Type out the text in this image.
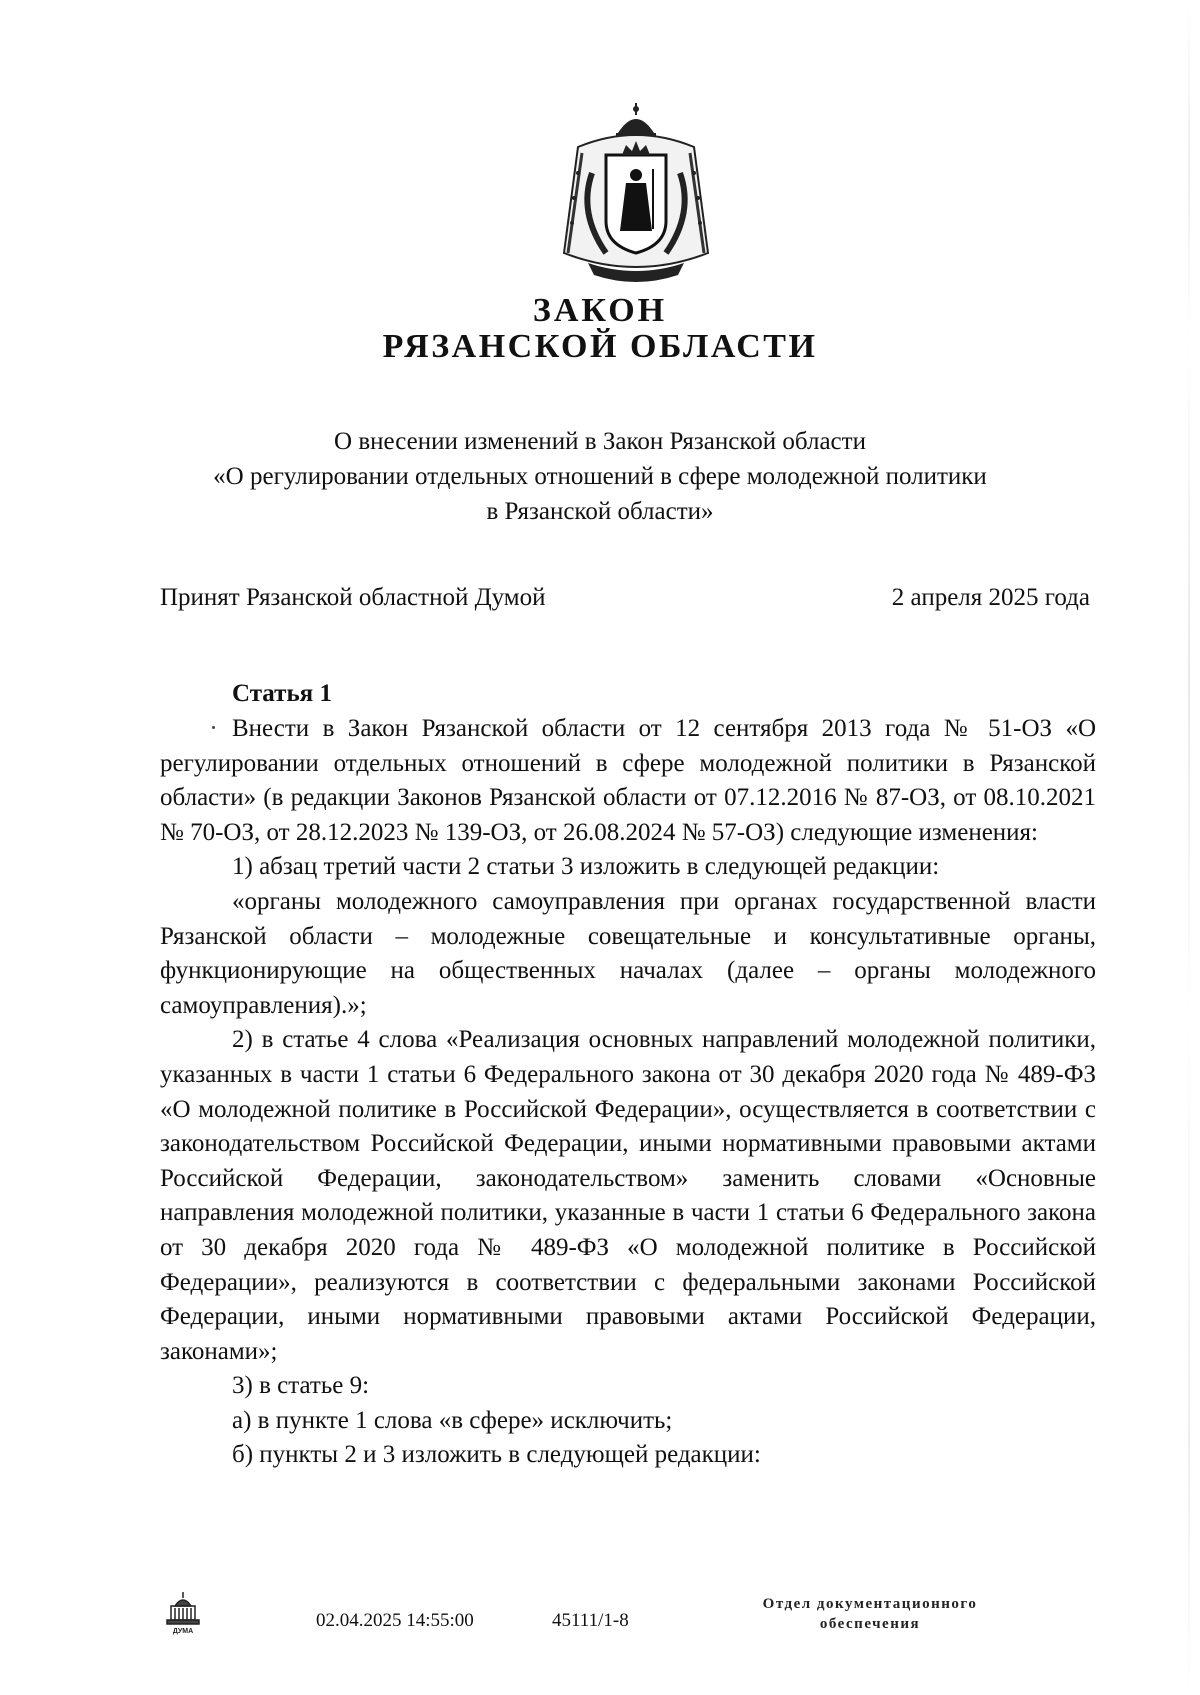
ЗАКОН
РЯЗАНСКОЙ ОБЛАСТИ
О внесении изменений в Закон Рязанской области
«О регулировании отдельных отношений в сфере молодежной политики
в Рязанской области»
Принят Рязанской областной Думой	2 апреля 2025 года
Статья 1

Внести в Закон Рязанской области от 12 сентября 2013 года № 51-ОЗ «О регулировании отдельных отношений в сфере молодежной политики в Рязанской области» (в редакции Законов Рязанской области от 07.12.2016 № 87-ОЗ, от 08.10.2021 № 70-ОЗ, от 28.12.2023 № 139-ОЗ, от 26.08.2024 № 57-ОЗ) следующие изменения:

1) абзац третий части 2 статьи 3 изложить в следующей редакции:

«органы молодежного самоуправления при органах государственной власти Рязанской области – молодежные совещательные и консультативные органы, функционирующие на общественных началах (далее – органы молодежного самоуправления).»;

2) в статье 4 слова «Реализация основных направлений молодежной политики, указанных в части 1 статьи 6 Федерального закона от 30 декабря 2020 года № 489-ФЗ «О молодежной политике в Российской Федерации», осуществляется в соответствии с законодательством Российской Федерации, иными нормативными правовыми актами Российской Федерации, законодательством» заменить словами «Основные направления молодежной политики, указанные в части 1 статьи 6 Федерального закона от 30 декабря 2020 года № 489-ФЗ «О молодежной политике в Российской Федерации», реализуются в соответствии с федеральными законами Российской Федерации, иными нормативными правовыми актами Российской Федерации, законами»;

3) в статье 9:

а) в пункте 1 слова «в сфере» исключить;

б) пункты 2 и 3 изложить в следующей редакции:

ДУМА
02.04.2025 14:55:00	45111/1-8
Отдел документационного
обеспечения
